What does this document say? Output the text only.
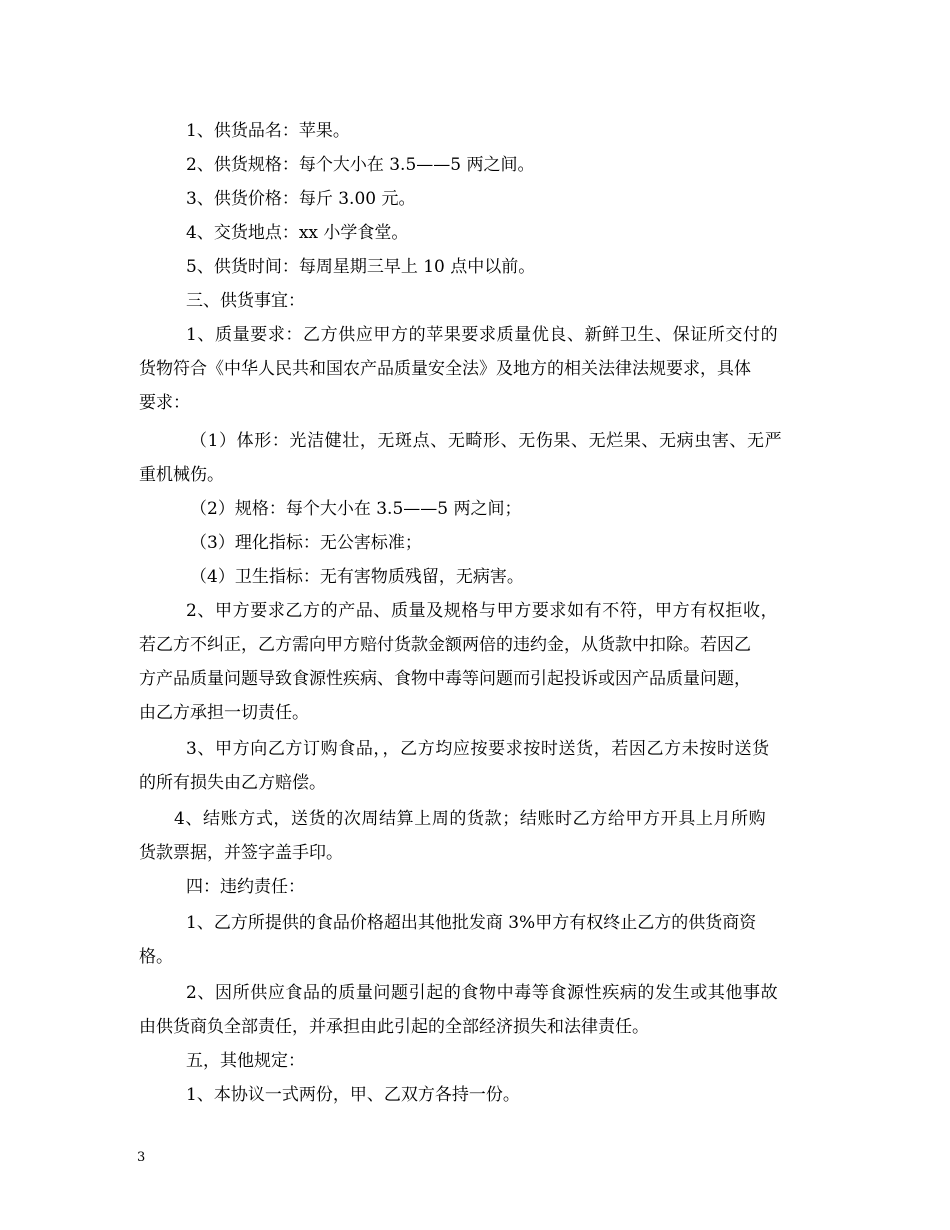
1、供货品名：苹果。
2、供货规格：每个大小在 3.5——5 两之间。
3、供货价格：每斤 3.00 元。
4、交货地点：xx 小学食堂。
5、供货时间：每周星期三早上 10 点中以前。
三、供货事宜：
1、质量要求：乙方供应甲方的苹果要求质量优良、新鲜卫生、保证所交付的
货物符合《中华人民共和国农产品质量安全法》及地方的相关法律法规要求，具体
要求：
（1）体形：光洁健壮，无斑点、无畸形、无伤果、无烂果、无病虫害、无严
重机械伤。
（2）规格：每个大小在 3.5——5 两之间；
（3）理化指标：无公害标准；
（4）卫生指标：无有害物质残留，无病害。
2、甲方要求乙方的产品、质量及规格与甲方要求如有不符，甲方有权拒收，
若乙方不纠正，乙方需向甲方赔付货款金额两倍的违约金，从货款中扣除。若因乙
方产品质量问题导致食源性疾病、食物中毒等问题而引起投诉或因产品质量问题，
由乙方承担一切责任。
3、甲方向乙方订购食品，，乙方均应按要求按时送货，若因乙方未按时送货
的所有损失由乙方赔偿。
4、结账方式，送货的次周结算上周的货款；结账时乙方给甲方开具上月所购
货款票据，并签字盖手印。
四：违约责任：
1、乙方所提供的食品价格超出其他批发商 3%甲方有权终止乙方的供货商资
格。
2、因所供应食品的质量问题引起的食物中毒等食源性疾病的发生或其他事故
由供货商负全部责任，并承担由此引起的全部经济损失和法律责任。
五，其他规定：
1、本协议一式两份，甲、乙双方各持一份。
3
